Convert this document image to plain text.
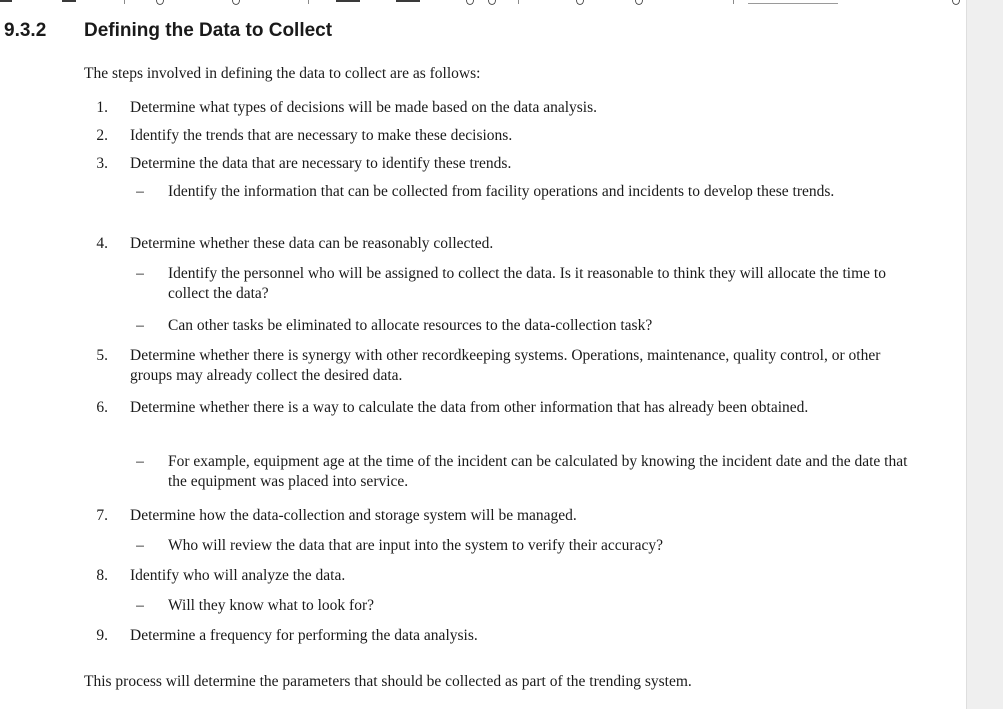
9.3.2 Defining the Data to Collect
The steps involved in defining the data to collect are as follows:
1. Determine what types of decisions will be made based on the data analysis.
2. Identify the trends that are necessary to make these decisions.
3. Determine the data that are necessary to identify these trends.
–	Identify the information that can be collected from facility operations and incidents to develop these trends.
4. Determine whether these data can be reasonably collected.
–	Identify the personnel who will be assigned to collect the data. Is it reasonable to think they will allocate the time to collect the data?
–	Can other tasks be eliminated to allocate resources to the data-collection task?
5. Determine whether there is synergy with other recordkeeping systems. Operations, maintenance, quality control, or other groups may already collect the desired data.
6. Determine whether there is a way to calculate the data from other information that has already been obtained.
–	For example, equipment age at the time of the incident can be calculated by knowing the incident date and the date that the equipment was placed into service.
7. Determine how the data-collection and storage system will be managed.
–	Who will review the data that are input into the system to verify their accuracy?
8. Identify who will analyze the data.
–	Will they know what to look for?
9. Determine a frequency for performing the data analysis.
This process will determine the parameters that should be collected as part of the trending system.
